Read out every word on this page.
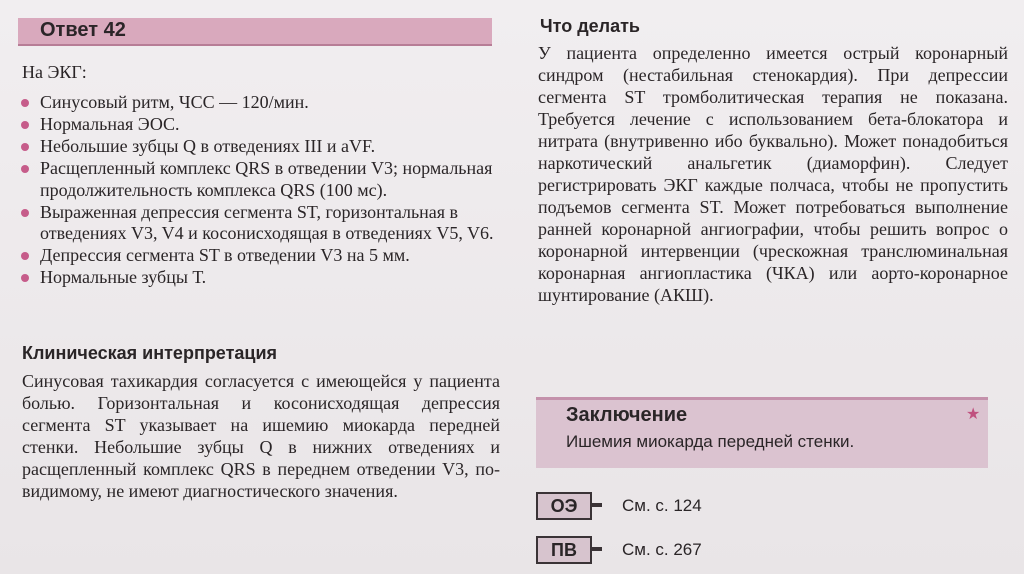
Ответ 42
На ЭКГ:
Синусовый ритм, ЧСС — 120/мин.
Нормальная ЭОС.
Небольшие зубцы Q в отведениях III и aVF.
Расщепленный комплекс QRS в отведении V3; нормальная продолжительность комплекса QRS (100 мс).
Выраженная депрессия сегмента ST, горизонтальная в отведениях V3, V4 и косонисходящая в отведениях V5, V6.
Депрессия сегмента ST в отведении V3 на 5 мм.
Нормальные зубцы Т.
Клиническая интерпретация
Синусовая тахикардия согласуется с имеющейся у пациента болью. Горизонтальная и косонисходящая депрессия сегмента ST указывает на ишемию миокарда передней стенки. Небольшие зубцы Q в нижних отведениях и расщепленный комплекс QRS в переднем отведении V3, по-видимому, не имеют диагностического значения.
Что делать
У пациента определенно имеется острый коронарный синдром (нестабильная стенокардия). При депрессии сегмента ST тромболитическая терапия не показана. Требуется лечение с использованием бета-блокатора и нитрата (внутривенно ибо буквально). Может понадобиться наркотический анальгетик (диаморфин). Следует регистрировать ЭКГ каждые полчаса, чтобы не пропустить подъемов сегмента ST. Может потребоваться выполнение ранней коронарной ангиографии, чтобы решить вопрос о коронарной интервенции (чрескожная транслюминальная коронарная ангиопластика (ЧКА) или аорто-коронарное шунтирование (АКШ).
Заключение	★
Ишемия миокарда передней стенки.
ОЭ	См. с. 124
ПВ	См. с. 267
